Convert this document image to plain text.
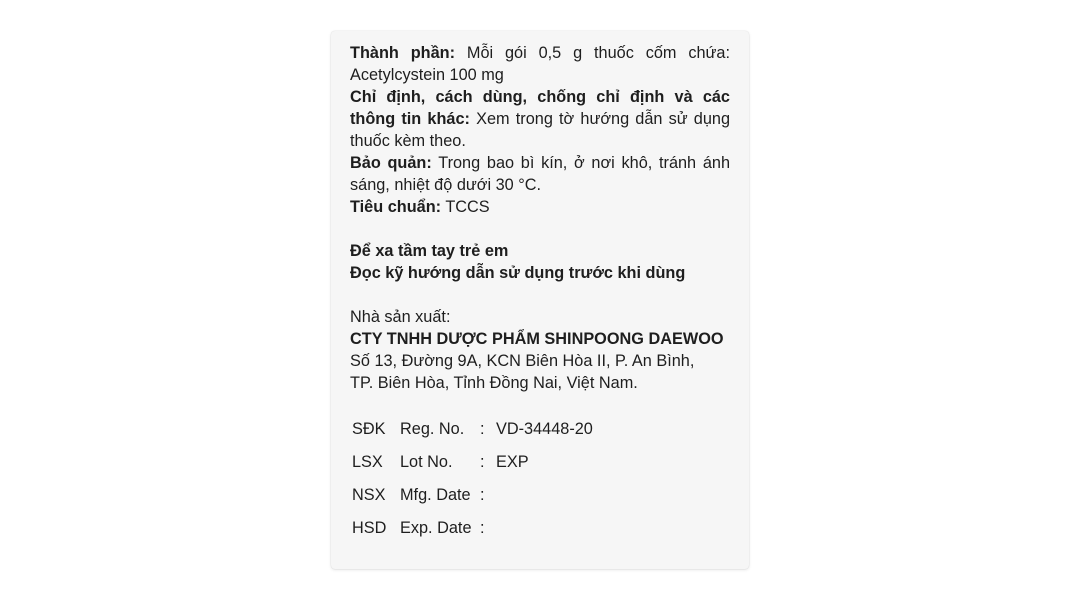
Thành phần: Mỗi gói 0,5 g thuốc cốm chứa: Acetylcystein 100 mg

Chỉ định, cách dùng, chống chỉ định và các thông tin khác: Xem trong tờ hướng dẫn sử dụng thuốc kèm theo.

Bảo quản: Trong bao bì kín, ở nơi khô, tránh ánh sáng, nhiệt độ dưới 30 °C.

Tiêu chuẩn: TCCS

Để xa tầm tay trẻ em

Đọc kỹ hướng dẫn sử dụng trước khi dùng

Nhà sản xuất:

CTY TNHH DƯỢC PHẨM SHINPOONG DAEWOO

Số 13, Đường 9A, KCN Biên Hòa II, P. An Bình,

TP. Biên Hòa, Tỉnh Đồng Nai, Việt Nam.

SĐK Reg. No. : VD-34448-20
LSX Lot No. : EXP
NSX Mfg. Date :
HSD Exp. Date :
